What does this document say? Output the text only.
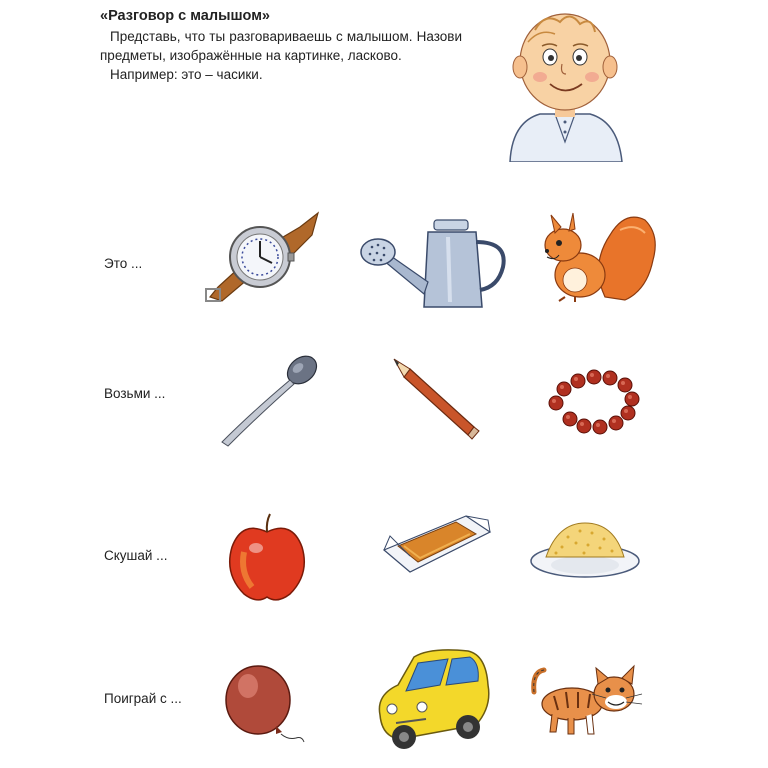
«Разговор с малышом»

Представь, что ты разговариваешь с малышом. Назови предметы, изображённые на картинке, ласково.

Например: это – часики.

Это ...
Возьми ...
Скушай ...
Поиграй с ...
